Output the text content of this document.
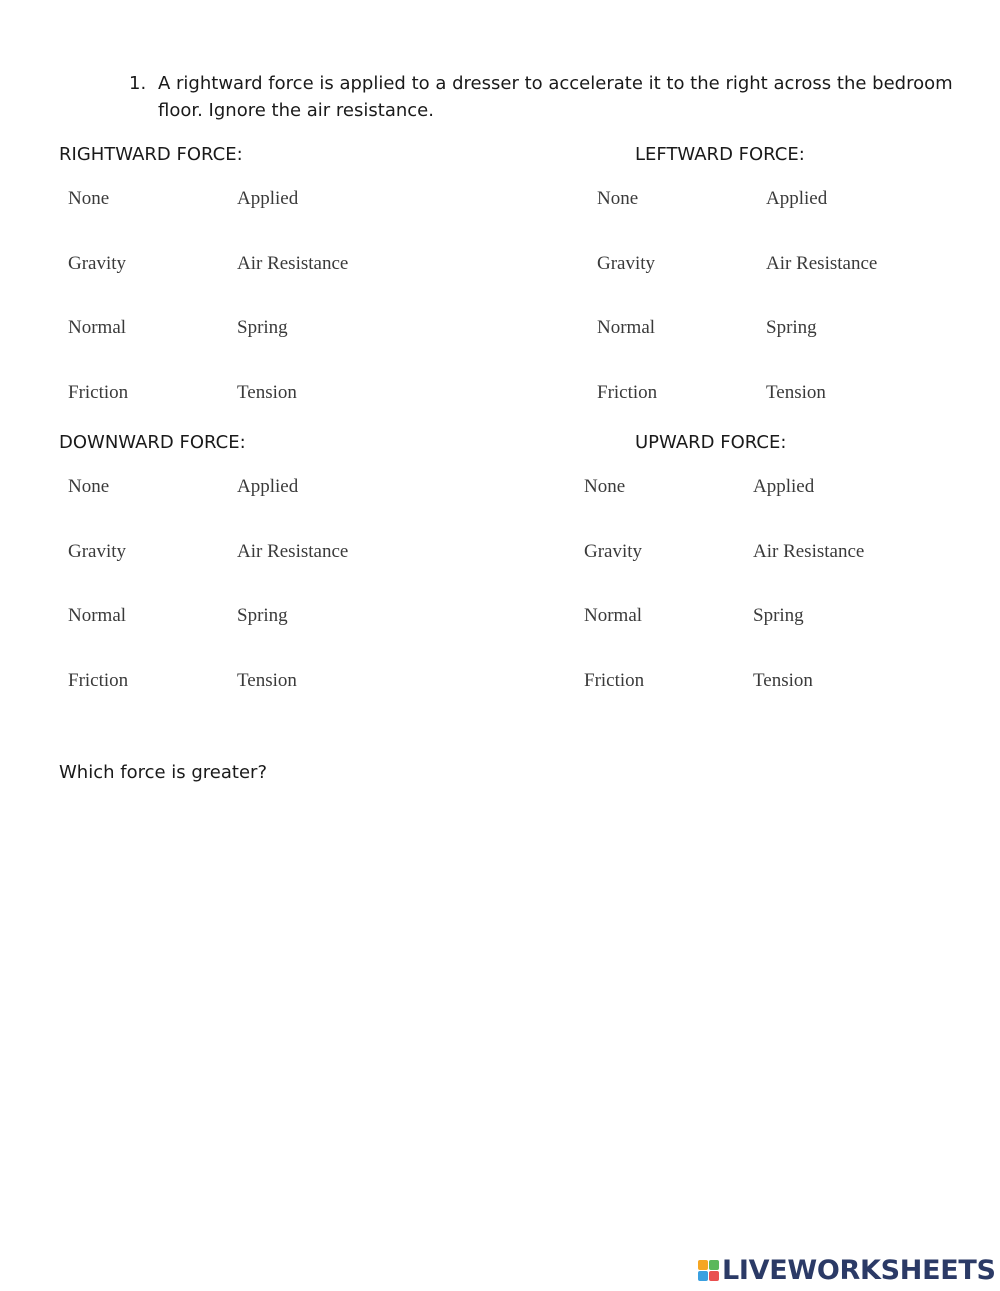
1. A rightward force is applied to a dresser to accelerate it to the right across the bedroom
floor. Ignore the air resistance.
RIGHTWARD FORCE:
None	Applied
Gravity	Air Resistance
Normal	Spring
Friction	Tension
LEFTWARD FORCE:
None	Applied
Gravity	Air Resistance
Normal	Spring
Friction	Tension
DOWNWARD FORCE:
None	Applied
Gravity	Air Resistance
Normal	Spring
Friction	Tension
UPWARD FORCE:
None	Applied
Gravity	Air Resistance
Normal	Spring
Friction	Tension
Which force is greater?
LIVEWORKSHEETS
